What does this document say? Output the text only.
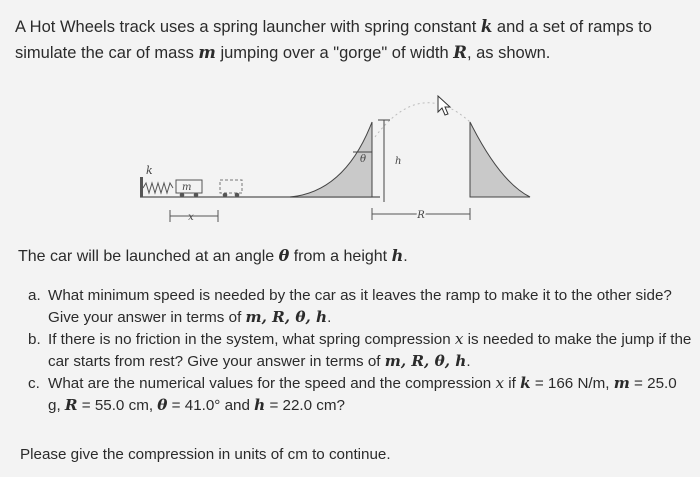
A Hot Wheels track uses a spring launcher with spring constant k and a set of ramps to simulate the car of mass m jumping over a "gorge" of width R, as shown.
k
m
x
θ	h
R
The car will be launched at an angle θ from a height h.
a. What minimum speed is needed by the car as it leaves the ramp to make it to the other side? Give your answer in terms of m, R, θ, h.
b. If there is no friction in the system, what spring compression x is needed to make the jump if the car starts from rest? Give your answer in terms of m, R, θ, h.
c. What are the numerical values for the speed and the compression x if k = 166 N/m, m = 25.0 g, R = 55.0 cm, θ = 41.0° and h = 22.0 cm?
Please give the compression in units of cm to continue.
